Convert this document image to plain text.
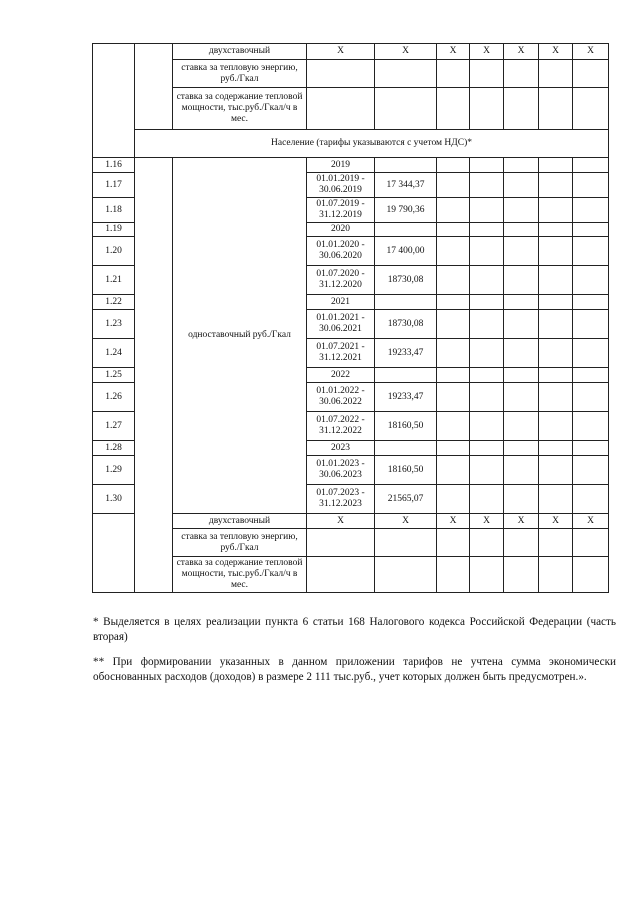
		двухставочный	Х	Х	Х	Х	Х	Х	Х
		ставка за тепловую энергию, руб./Гкал							
		ставка за содержание тепловой мощности, тыс.руб./Гкал/ч в мес.							
	Население (тарифы указываются с учетом НДС)*								
1.16		одноставочный руб./Гкал	2019						
1.17			01.01.2019 - 30.06.2019	17 344,37					
1.18			01.07.2019 - 31.12.2019	19 790,36					
1.19			2020						
1.20			01.01.2020 - 30.06.2020	17 400,00					
1.21			01.07.2020 - 31.12.2020	18730,08					
1.22			2021						
1.23			01.01.2021 - 30.06.2021	18730,08					
1.24			01.07.2021 - 31.12.2021	19233,47					
1.25			2022						
1.26			01.01.2022 - 30.06.2022	19233,47					
1.27			01.07.2022 - 31.12.2022	18160,50					
1.28			2023						
1.29			01.01.2023 - 30.06.2023	18160,50					
1.30			01.07.2023 - 31.12.2023	21565,07					
		двухставочный	Х	Х	Х	Х	Х	Х	Х
		ставка за тепловую энергию, руб./Гкал							
		ставка за содержание тепловой мощности, тыс.руб./Гкал/ч в мес.							
* Выделяется в целях реализации пункта 6 статьи 168 Налогового кодекса Российской Федерации (часть вторая)
** При формировании указанных в данном приложении тарифов не учтена сумма экономически обоснованных расходов (доходов) в размере 2 111 тыс.руб., учет которых должен быть предусмотрен.».
